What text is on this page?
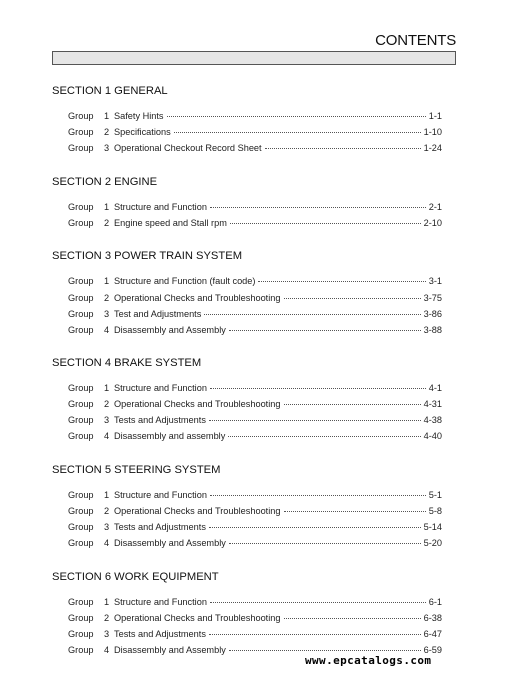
CONTENTS
SECTION 1 GENERAL
Group	1 Safety Hints	1-1
Group	2 Specifications	1-10
Group	3 Operational Checkout Record Sheet	1-24
SECTION 2 ENGINE
Group	1 Structure and Function	2-1
Group	2 Engine speed and Stall rpm	2-10
SECTION 3 POWER TRAIN SYSTEM
Group	1 Structure and Function (fault code)	3-1
Group	2 Operational Checks and Troubleshooting	3-75
Group	3 Test and Adjustments	3-86
Group	4 Disassembly and Assembly	3-88
SECTION 4 BRAKE SYSTEM
Group	1 Structure and Function	4-1
Group	2 Operational Checks and Troubleshooting	4-31
Group	3 Tests and Adjustments	4-38
Group	4 Disassembly and assembly	4-40
SECTION 5 STEERING SYSTEM
Group	1 Structure and Function	5-1
Group	2 Operational Checks and Troubleshooting	5-8
Group	3 Tests and Adjustments	5-14
Group	4 Disassembly and Assembly	5-20
SECTION 6 WORK EQUIPMENT
Group	1 Structure and Function	6-1
Group	2 Operational Checks and Troubleshooting	6-38
Group	3 Tests and Adjustments	6-47
Group	4 Disassembly and Assembly	6-59
www.epcatalogs.com
